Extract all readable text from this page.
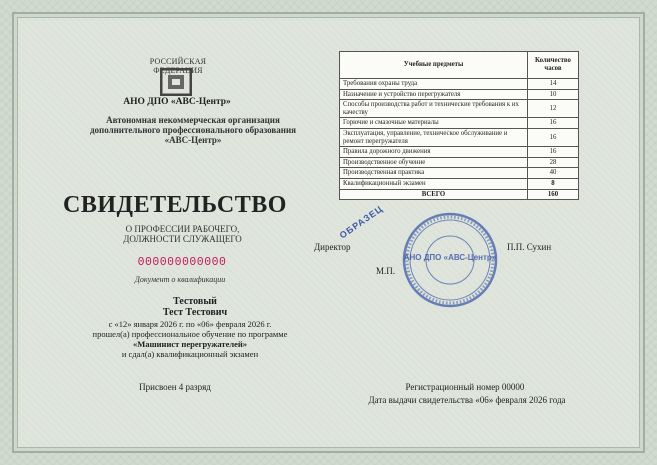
РОССИЙСКАЯ ФЕДЕРАЦИЯ
АНО ДПО «АВС-Центр»
Автономная некоммерческая организация дополнительного профессионального образования «АВС-Центр»
СВИДЕТЕЛЬСТВО
О ПРОФЕССИИ РАБОЧЕГО, ДОЛЖНОСТИ СЛУЖАЩЕГО
000000000000
Документ о квалификации
Тестовый
Тест Тестович
с «12» января 2026 г. по «06» февраля 2026 г.
прошел(а) профессиональное обучение по программе
«Машинист перегружателей»
и сдал(а) квалификационный экзамен
Присвоен 4 разряд
Учебные предметы	Количество часов
Требования охраны труда	14
Назначение и устройство перегружателя	10
Способы производства работ и технические требования к их качеству	12
Горючие и смазочные материалы	16
Эксплуатация, управление, техническое обслуживание и ремонт перегружателя	16
Правила дорожного движения	16
Производственное обучение	28
Производственная практика	40
Квалификационный экзамен	8
ВСЕГО	160
ОБРАЗЕЦ
Директор
М.П.
П.П. Сухин
АНО ДПО «АВС-Центр»
Регистрационный номер 00000
Дата выдачи свидетельства «06» февраля 2026 года
